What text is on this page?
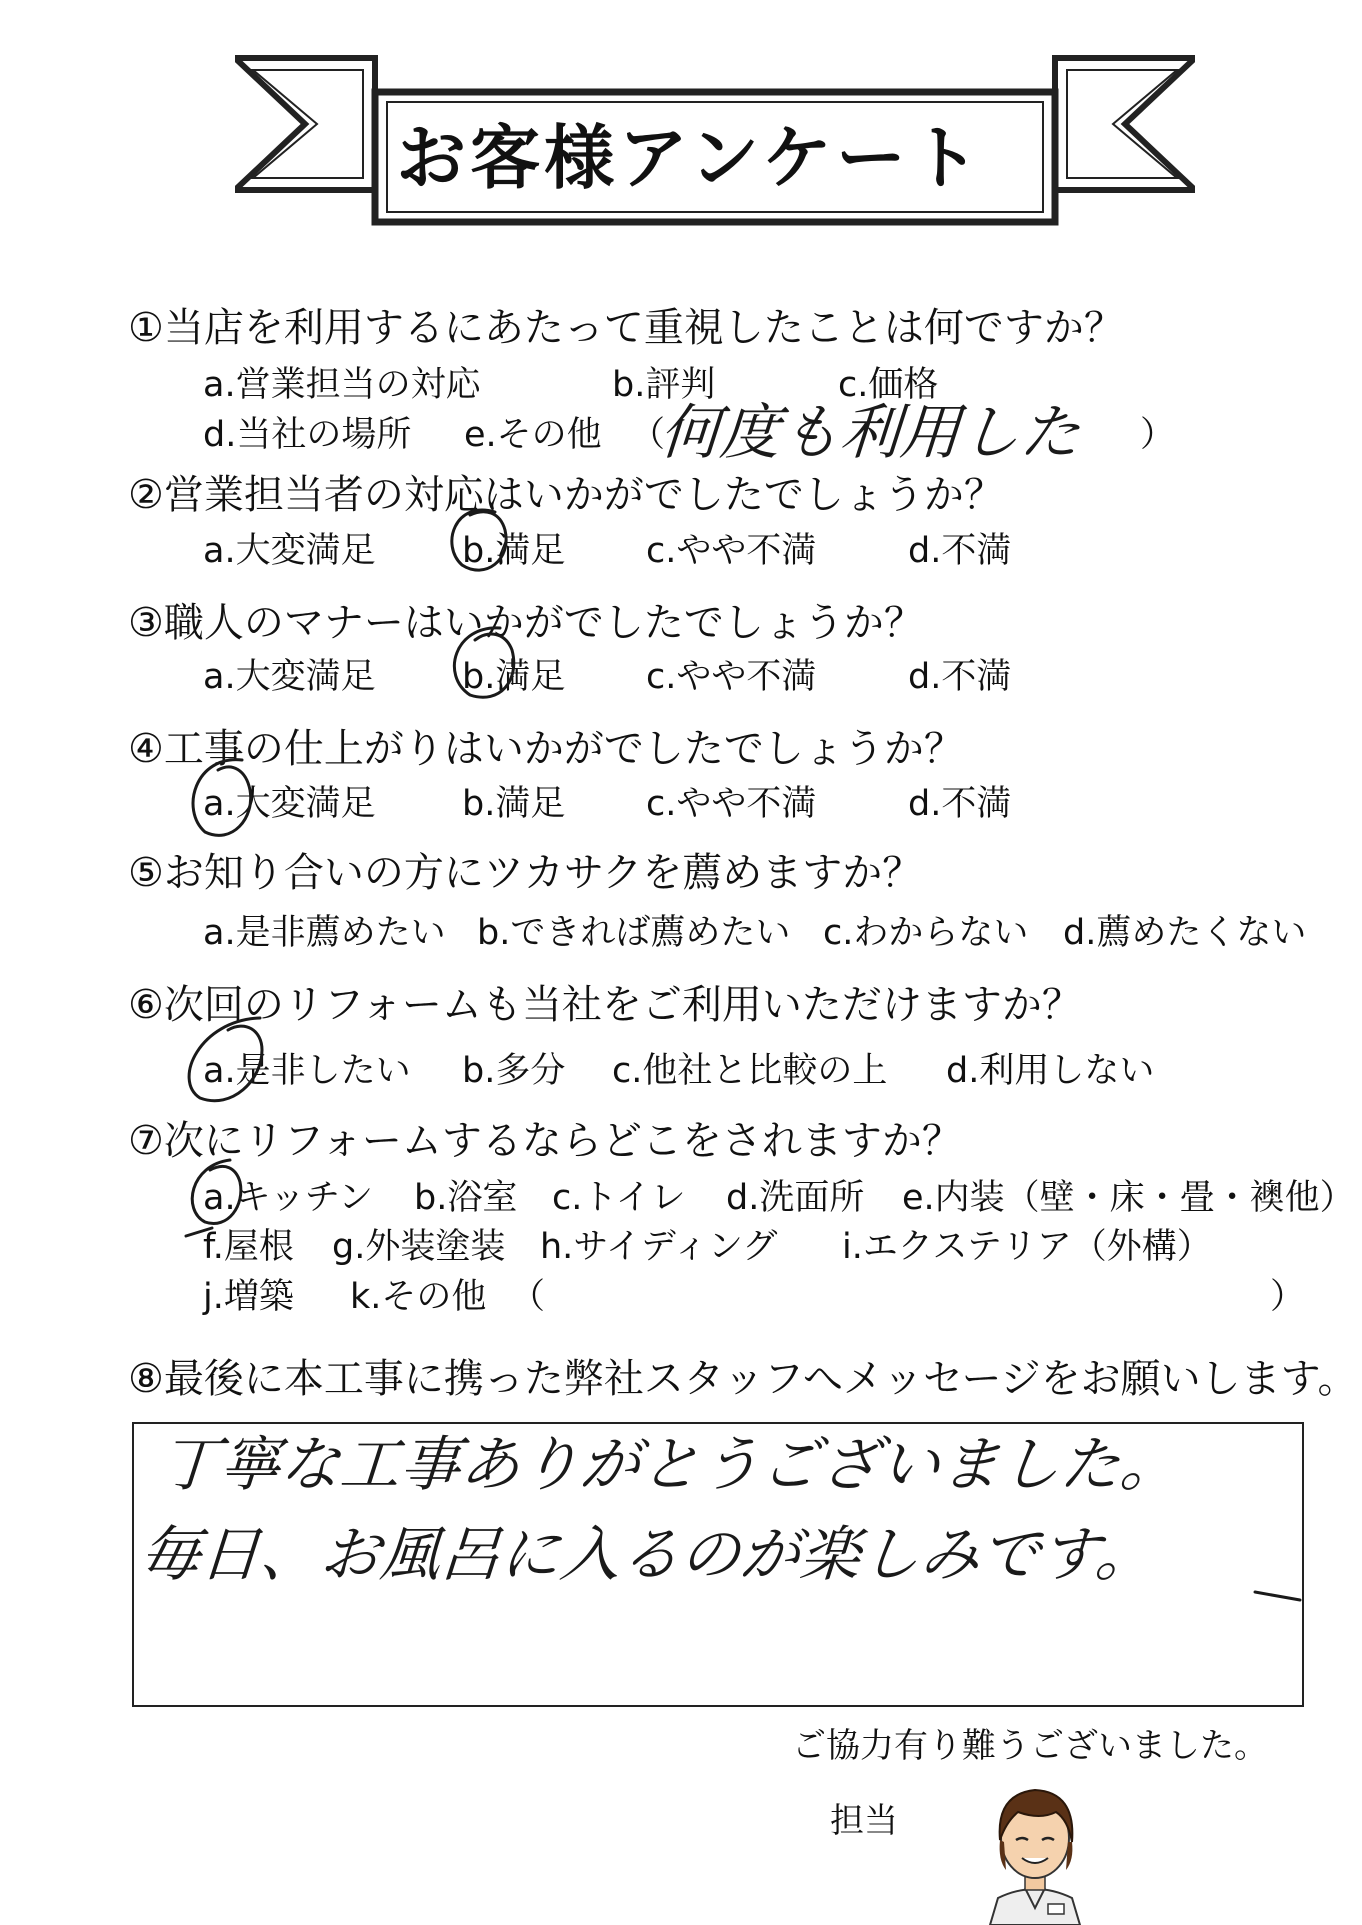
お客様アンケート
①当店を利用するにあたって重視したことは何ですか？
a.営業担当の対応	b.評判	c.価格
d.当社の場所 e.その他 （
何度も利用した ）
②営業担当者の対応はいかがでしたでしょうか？
a.大変満足 b.満足 c.やや不満	d.不満
③職人のマナーはいかがでしたでしょうか？
a.大変満足 b.満足 c.やや不満	d.不満
④工事の仕上がりはいかがでしたでしょうか？
a.大変満足 b.満足 c.やや不満	d.不満
⑤お知り合いの方にツカサクを薦めますか？
a.是非薦めたい b.できれば薦めたい c.わからない d.薦めたくない
⑥次回のリフォームも当社をご利用いただけますか？
a.是非したい b.多分 c.他社と比較の上 d.利用しない
⑦次にリフォームするならどこをされますか？
a.キッチン b.浴室 c.トイレ d.洗面所 e.内装（壁・床・畳・襖他）
f.屋根 g.外装塗装 h.サイディング i.エクステリア（外構）
j.増築 k.その他 （	）
⑧最後に本工事に携った弊社スタッフへメッセージをお願いします。
丁寧な工事ありがとうございました。
毎日、お風呂に入るのが楽しみです。
ご協力有り難うございました。
担当
